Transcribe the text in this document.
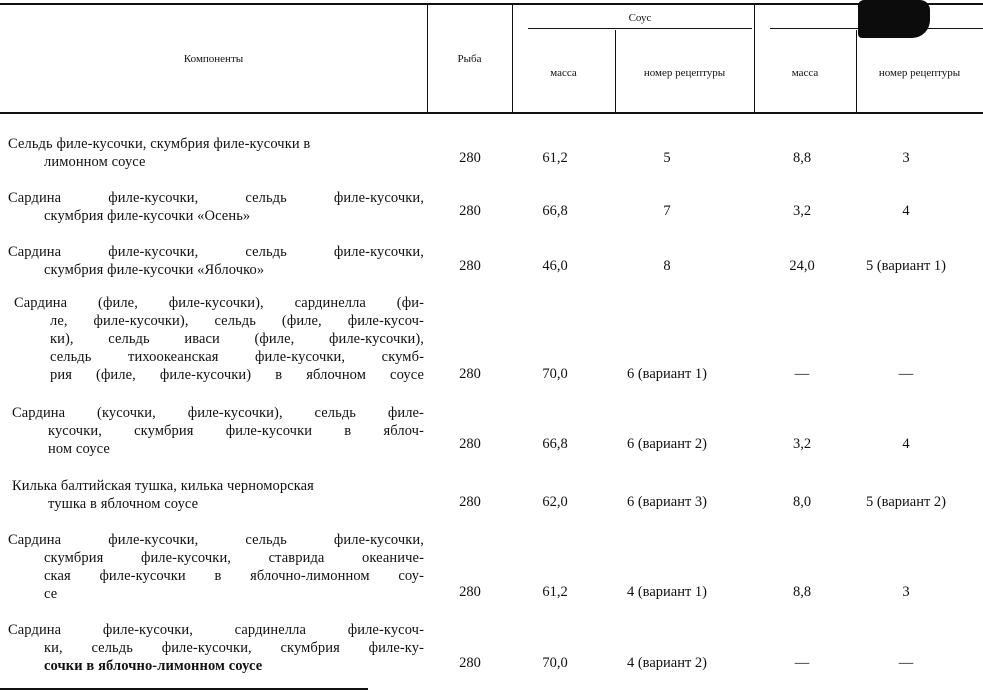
Компоненты	Рыба
Соус
масса	номер рецептуры	масса	номер рецептуры
Сельдь филе-кусочки, скумбрия филе-кусочки в
лимонном соусе	280	61,2	5	8,8	3
Сардина филе-кусочки, сельдь филе-кусочки,
скумбрия филе-кусочки «Осень»	280	66,8	7	3,2	4
Сардина филе-кусочки, сельдь филе-кусочки,
скумбрия филе-кусочки «Яблочко»	280	46,0	8	24,0	5 (вариант 1)
Сардина (филе, филе-кусочки), сардинелла (фи-
ле, филе-кусочки), сельдь (филе, филе-кусоч-
ки), сельдь иваси (филе, филе-кусочки),
сельдь тихоокеанская филе-кусочки, скумб-
рия (филе, филе-кусочки) в яблочном соусе	280	70,0	6 (вариант 1)	—	—
Сардина (кусочки, филе-кусочки), сельдь филе-
кусочки, скумбрия филе-кусочки в яблоч-
ном соусе	280	66,8	6 (вариант 2)	3,2	4
Килька балтийская тушка, килька черноморская
тушка в яблочном соусе	280	62,0	6 (вариант 3)	8,0	5 (вариант 2)
Сардина филе-кусочки, сельдь филе-кусочки,
скумбрия филе-кусочки, ставрида океаниче-
ская филе-кусочки в яблочно-лимонном соу-
се	280	61,2	4 (вариант 1)	8,8	3
Сардина филе-кусочки, сардинелла филе-кусоч-
ки, сельдь филе-кусочки, скумбрия филе-ку-
сочки в яблочно-лимонном соусе	280	70,0	4 (вариант 2)	—	—
